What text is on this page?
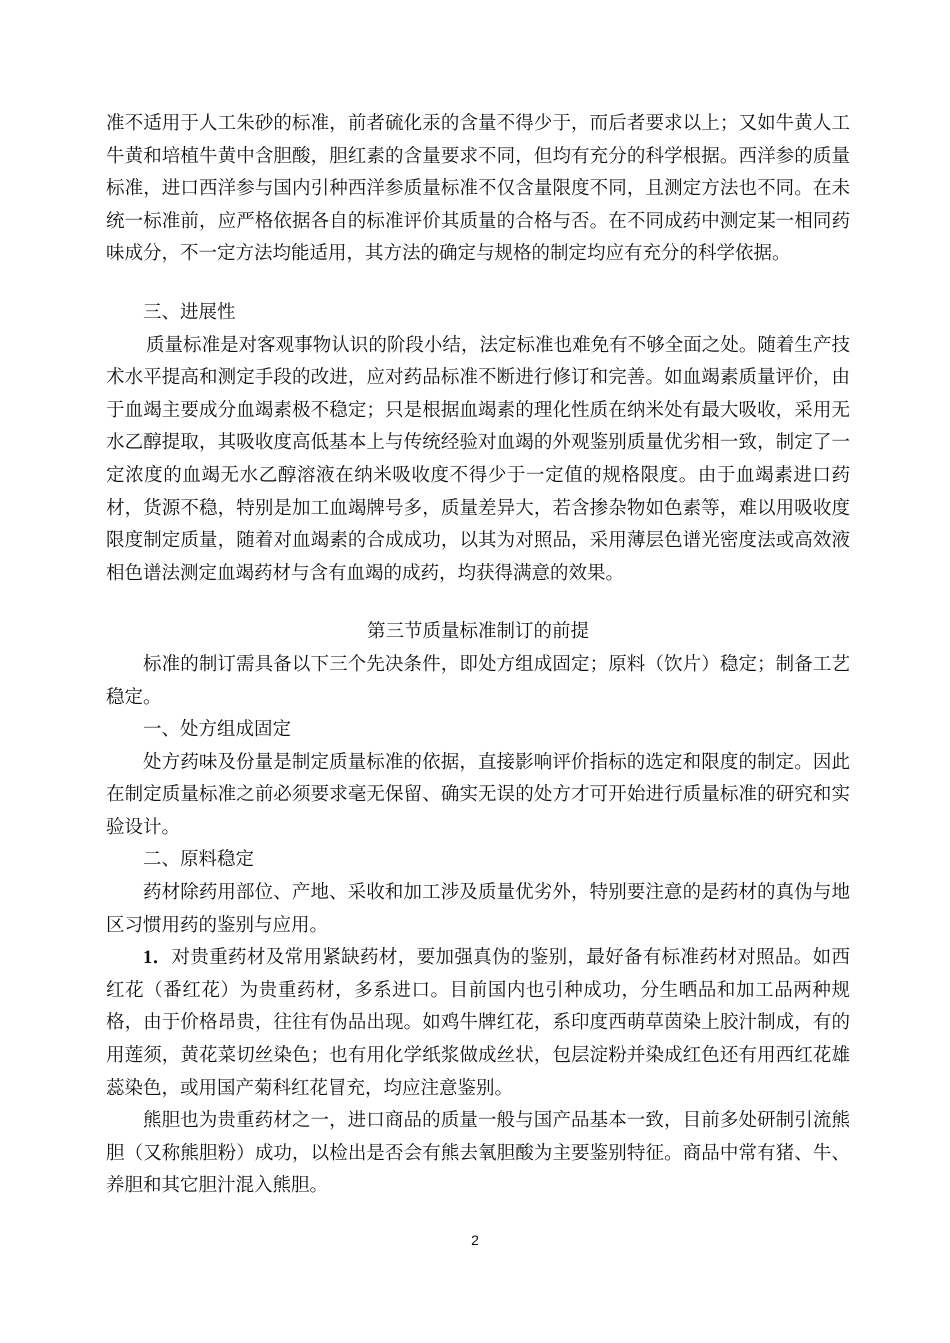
准不适用于人工朱砂的标准，前者硫化汞的含量不得少于，而后者要求以上；又如牛黄人工牛黄和培植牛黄中含胆酸，胆红素的含量要求不同，但均有充分的科学根据。西洋参的质量标准，进口西洋参与国内引种西洋参质量标准不仅含量限度不同，且测定方法也不同。在未统一标准前，应严格依据各自的标准评价其质量的合格与否。在不同成药中测定某一相同药味成分，不一定方法均能适用，其方法的确定与规格的制定均应有充分的科学依据。

三、进展性

质量标准是对客观事物认识的阶段小结，法定标准也难免有不够全面之处。随着生产技术水平提高和测定手段的改进，应对药品标准不断进行修订和完善。如血竭素质量评价，由于血竭主要成分血竭素极不稳定；只是根据血竭素的理化性质在纳米处有最大吸收，采用无水乙醇提取，其吸收度高低基本上与传统经验对血竭的外观鉴别质量优劣相一致，制定了一定浓度的血竭无水乙醇溶液在纳米吸收度不得少于一定值的规格限度。由于血竭素进口药材，货源不稳，特别是加工血竭牌号多，质量差异大，若含掺杂物如色素等，难以用吸收度限度制定质量，随着对血竭素的合成成功，以其为对照品，采用薄层色谱光密度法或高效液相色谱法测定血竭药材与含有血竭的成药，均获得满意的效果。

第三节质量标准制订的前提

标准的制订需具备以下三个先决条件，即处方组成固定；原料（饮片）稳定；制备工艺稳定。

一、处方组成固定

处方药味及份量是制定质量标准的依据，直接影响评价指标的选定和限度的制定。因此在制定质量标准之前必须要求毫无保留、确实无误的处方才可开始进行质量标准的研究和实验设计。

二、原料稳定

药材除药用部位、产地、采收和加工涉及质量优劣外，特别要注意的是药材的真伪与地区习惯用药的鉴别与应用。

1．对贵重药材及常用紧缺药材，要加强真伪的鉴别，最好备有标准药材对照品。如西红花（番红花）为贵重药材，多系进口。目前国内也引种成功，分生晒品和加工品两种规格，由于价格昂贵，往往有伪品出现。如鸡牛牌红花，系印度西萌草茵染上胶汁制成，有的用莲须，黄花菜切丝染色；也有用化学纸浆做成丝状，包层淀粉并染成红色还有用西红花雄蕊染色，或用国产菊科红花冒充，均应注意鉴别。

熊胆也为贵重药材之一，进口商品的质量一般与国产品基本一致，目前多处研制引流熊胆（又称熊胆粉）成功，以检出是否会有熊去氧胆酸为主要鉴别特征。商品中常有猪、牛、养胆和其它胆汁混入熊胆。

2
